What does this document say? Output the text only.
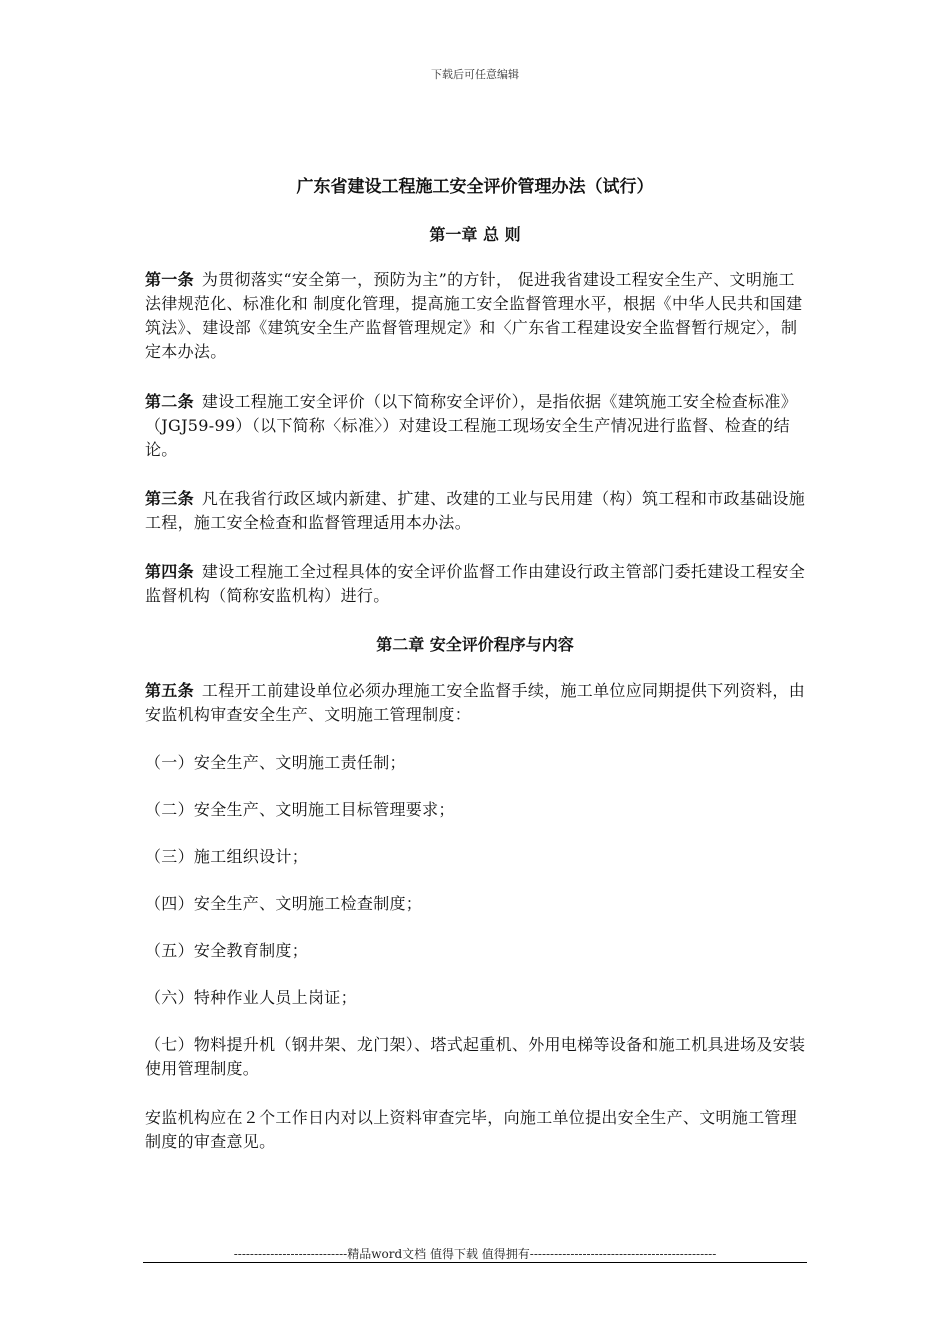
下载后可任意编辑
广东省建设工程施工安全评价管理办法（试行）
第一章 总 则
第一条 为贯彻落实“安全第一，预防为主”的方针， 促进我省建设工程安全生产、文明施工法律规范化、标准化和 制度化管理，提高施工安全监督管理水平，根据《中华人民共和国建筑法》、建设部《建筑安全生产监督管理规定》和〈广东省工程建设安全监督暂行规定〉，制定本办法。
第二条 建设工程施工安全评价（以下简称安全评价），是指依据《建筑施工安全检查标准》（JGJ59-99）（以下简称〈标准〉）对建设工程施工现场安全生产情况进行监督、检查的结论。
第三条 凡在我省行政区域内新建、扩建、改建的工业与民用建（构）筑工程和市政基础设施工程，施工安全检查和监督管理适用本办法。
第四条 建设工程施工全过程具体的安全评价监督工作由建设行政主管部门委托建设工程安全监督机构（简称安监机构）进行。
第二章 安全评价程序与内容
第五条 工程开工前建设单位必须办理施工安全监督手续，施工单位应同期提供下列资料，由安监机构审查安全生产、文明施工管理制度：
（一）安全生产、文明施工责任制；
（二）安全生产、文明施工目标管理要求；
（三）施工组织设计；
（四）安全生产、文明施工检查制度；
（五）安全教育制度；
（六）特种作业人员上岗证；
（七）物料提升机（钢井架、龙门架）、塔式起重机、外用电梯等设备和施工机具进场及安装使用管理制度。
安监机构应在２个工作日内对以上资料审查完毕，向施工单位提出安全生产、文明施工管理制度的审查意见。
----------------------------精品word文档 值得下载 值得拥有----------------------------------------------
